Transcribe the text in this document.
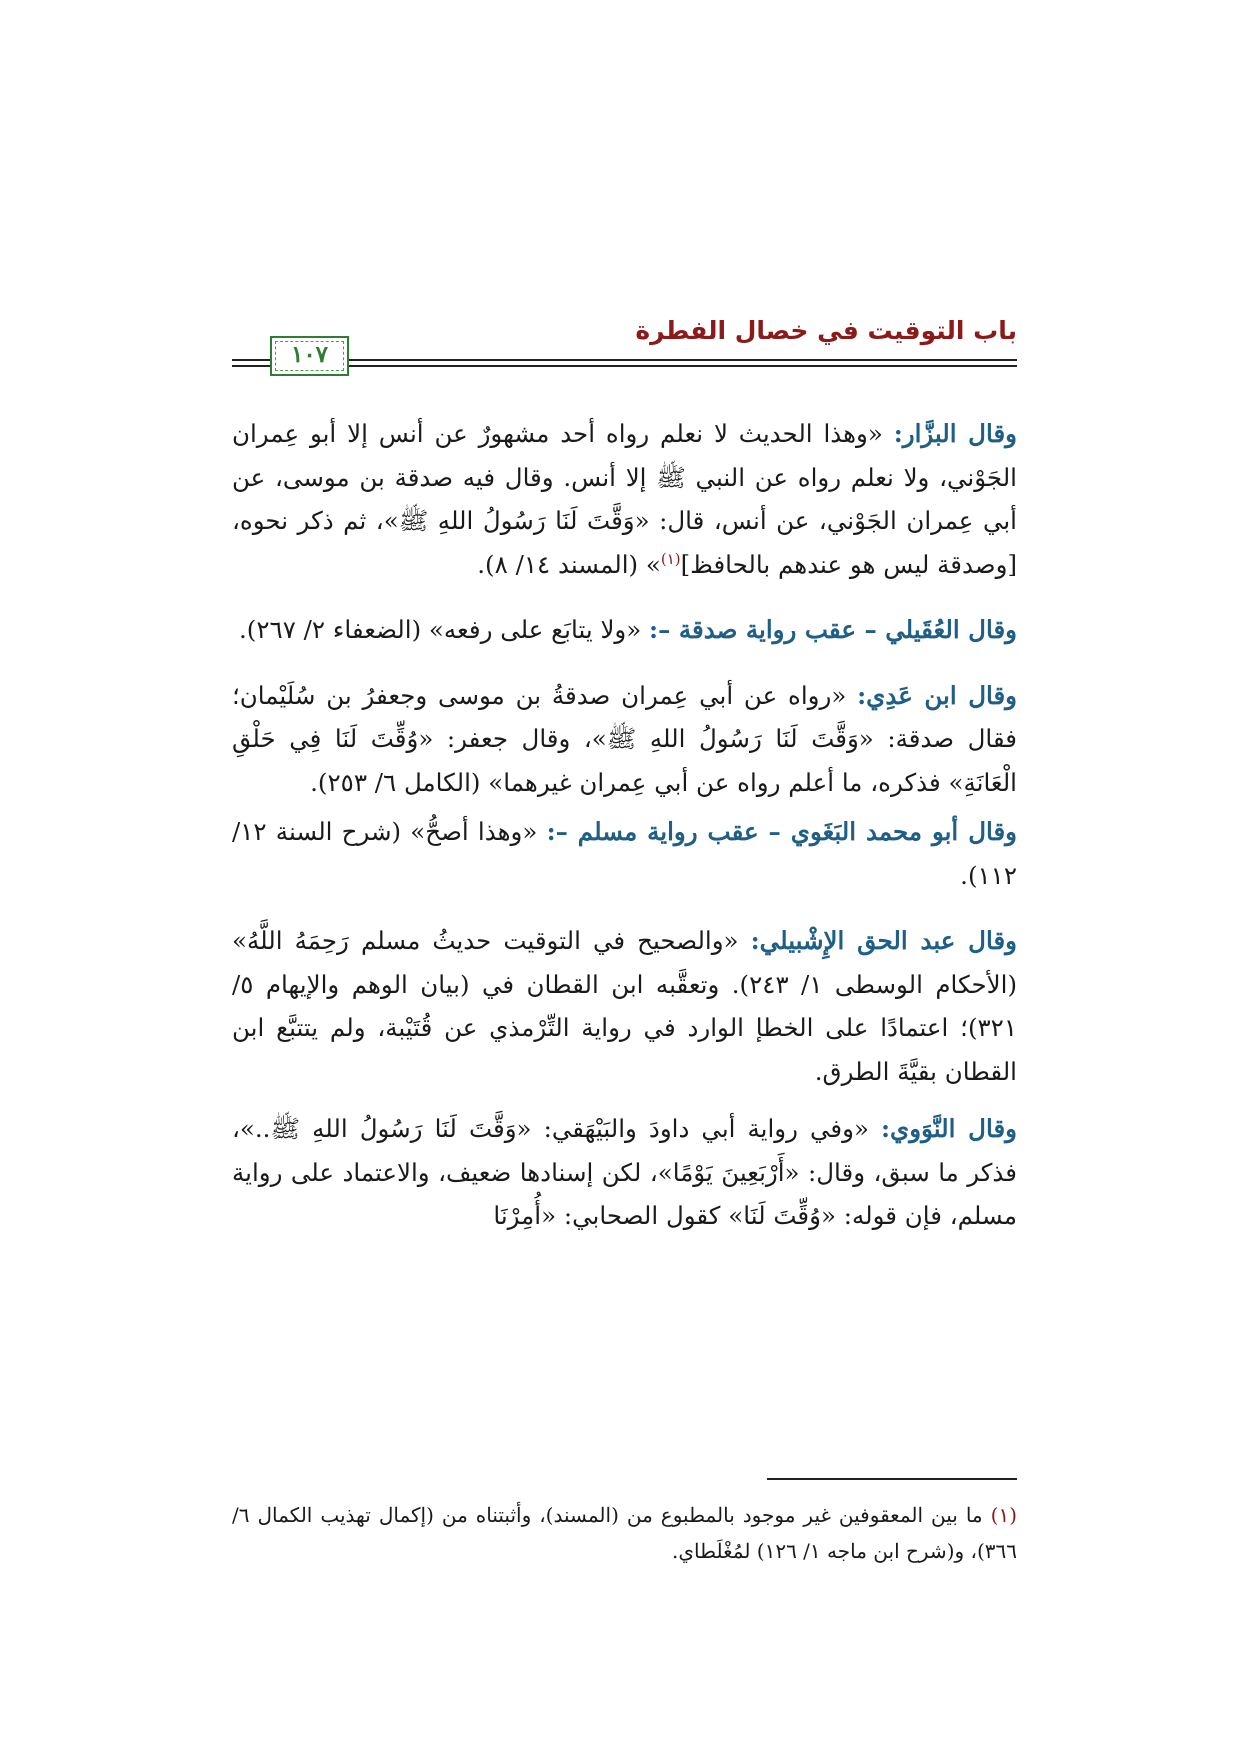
باب التوقيت في خصال الفطرة
١٠٧

وقال البزَّار: «وهذا الحديث لا نعلم رواه أحد مشهورٌ عن أنس إلا أبو عِمران الجَوْني، ولا نعلم رواه عن النبي ﷺ إلا أنس. وقال فيه صدقة بن موسى، عن أبي عِمران الجَوْني، عن أنس، قال: «وَقَّتَ لَنَا رَسُولُ اللهِ ﷺ»، ثم ذكر نحوه، [وصدقة ليس هو عندهم بالحافظ]$^{(١)}$» (المسند ١٤/ ٨).

وقال العُقَيلي – عقب رواية صدقة –: «ولا يتابَع على رفعه» (الضعفاء ٢/ ٢٦٧).

وقال ابن عَدِي: «رواه عن أبي عِمران صدقةُ بن موسى وجعفرُ بن سُلَيْمان؛ فقال صدقة: «وَقَّتَ لَنَا رَسُولُ اللهِ ﷺ»، وقال جعفر: «وُقِّتَ لَنَا فِي حَلْقِ الْعَانَةِ» فذكره، ما أعلم رواه عن أبي عِمران غيرهما» (الكامل ٦/ ٢٥٣).

وقال أبو محمد البَغَوي – عقب رواية مسلم –: «وهذا أصحُّ» (شرح السنة ١٢/ ١١٢).

وقال عبد الحق الإِشْبيلي: «والصحيح في التوقيت حديثُ مسلم رَحِمَهُ اللَّهُ» (الأحكام الوسطى ١/ ٢٤٣). وتعقَّبه ابن القطان في (بيان الوهم والإيهام ٥/ ٣٢١)؛ اعتمادًا على الخطإ الوارد في رواية التِّرْمذي عن قُتَيْبة، ولم يتتبَّع ابن القطان بقيَّةَ الطرق.

وقال النَّوَوي: «وفي رواية أبي داودَ والبَيْهَقي: «وَقَّتَ لَنَا رَسُولُ اللهِ ﷺ..»، فذكر ما سبق، وقال: «أَرْبَعِينَ يَوْمًا»، لكن إسنادها ضعيف، والاعتماد على رواية مسلم، فإن قوله: «وُقِّتَ لَنَا» كقول الصحابي: «أُمِرْنَا

(١) ما بين المعقوفين غير موجود بالمطبوع من (المسند)، وأثبتناه من (إكمال تهذيب الكمال ٦/ ٣٦٦)، و(شرح ابن ماجه ١/ ١٢٦) لمُغْلَطاي.
